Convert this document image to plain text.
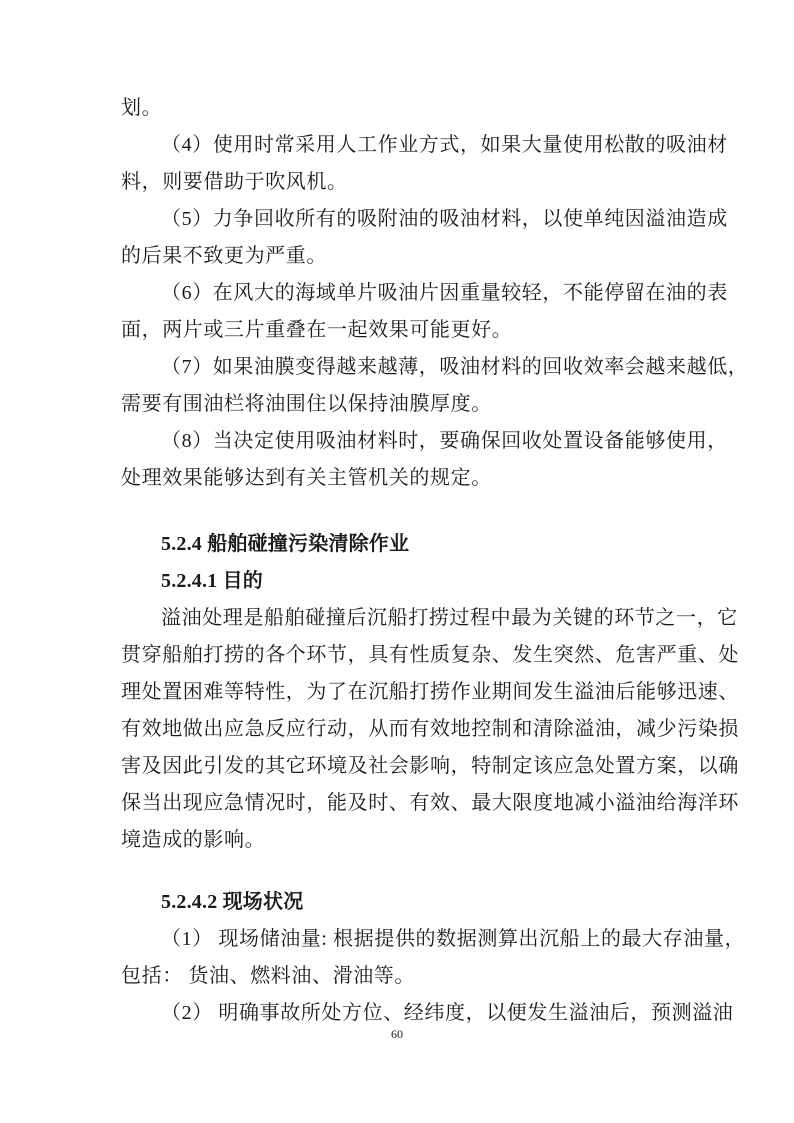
划。
（4）使用时常采用人工作业方式，如果大量使用松散的吸油材
料，则要借助于吹风机。
（5）力争回收所有的吸附油的吸油材料，以使单纯因溢油造成
的后果不致更为严重。
（6）在风大的海域单片吸油片因重量较轻，不能停留在油的表
面，两片或三片重叠在一起效果可能更好。
（7）如果油膜变得越来越薄，吸油材料的回收效率会越来越低，
需要有围油栏将油围住以保持油膜厚度。
（8）当决定使用吸油材料时，要确保回收处置设备能够使用，
处理效果能够达到有关主管机关的规定。
5.2.4 船舶碰撞污染清除作业
5.2.4.1 目的
溢油处理是船舶碰撞后沉船打捞过程中最为关键的环节之一，它
贯穿船舶打捞的各个环节，具有性质复杂、发生突然、危害严重、处
理处置困难等特性，为了在沉船打捞作业期间发生溢油后能够迅速、
有效地做出应急反应行动，从而有效地控制和清除溢油，减少污染损
害及因此引发的其它环境及社会影响，特制定该应急处置方案，以确
保当出现应急情况时，能及时、有效、最大限度地减小溢油给海洋环
境造成的影响。
5.2.4.2 现场状况
（1） 现场储油量: 根据提供的数据测算出沉船上的最大存油量，
包括： 货油、燃料油、滑油等。
（2） 明确事故所处方位、经纬度，以便发生溢油后，预测溢油
60
